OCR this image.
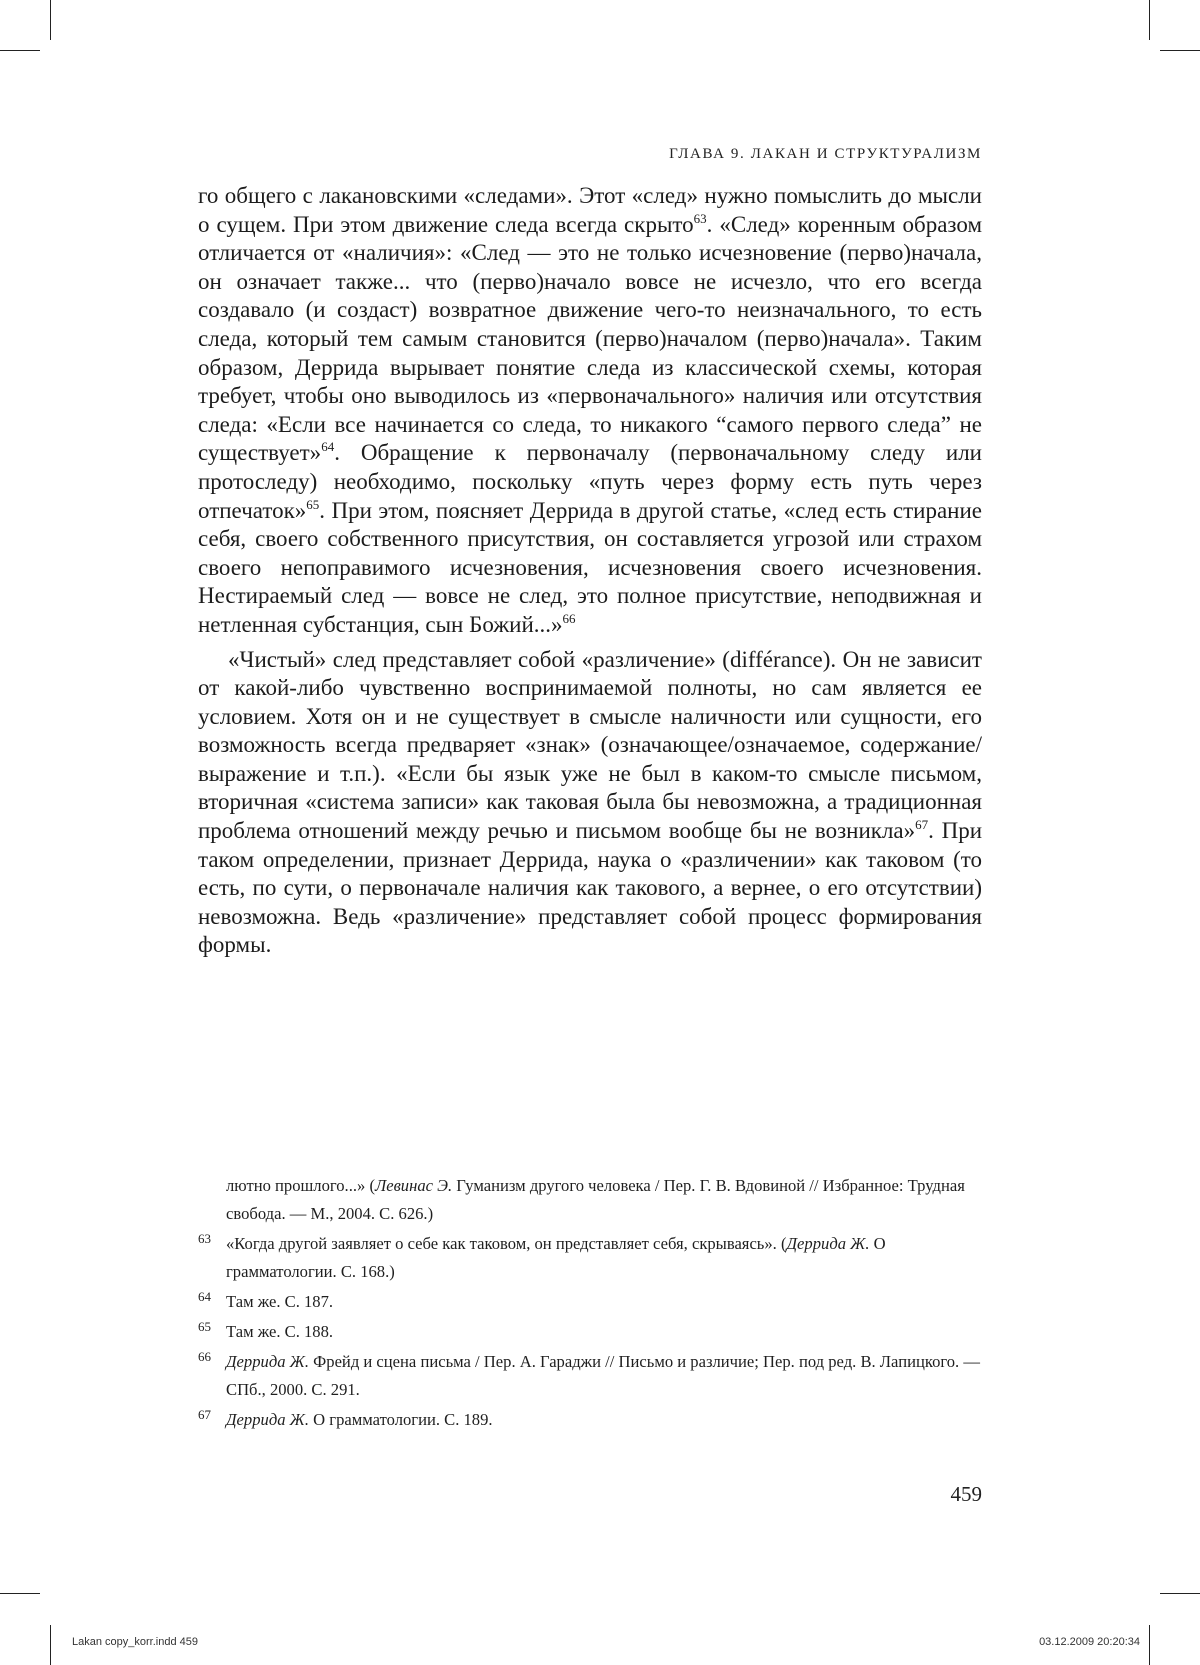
ГЛАВА 9. ЛАКАН И СТРУКТУРАЛИЗМ

го общего с лакановскими «следами». Этот «след» нужно помыслить до мысли о сущем. При этом движение следа всегда скрыто$^{63}$. «След» коренным образом отличается от «наличия»: «След — это не только исчезновение (перво)начала, он означает также... что (перво)начало вовсе не исчезло, что его всегда создавало (и создаст) возвратное движение чего-то неизначального, то есть следа, который тем самым становится (перво)началом (перво)начала». Таким образом, Деррида вырывает понятие следа из классической схемы, которая требует, чтобы оно выводилось из «первоначального» наличия или отсутствия следа: «Если все начинается со следа, то никакого “самого первого следа” не существует»$^{64}$. Обращение к первоначалу (первоначальному следу или протоследу) необходимо, поскольку «путь через форму есть путь через отпечаток»$^{65}$. При этом, поясняет Деррида в другой статье, «след есть стирание себя, своего собственного присутствия, он составляется угрозой или страхом своего непоправимого исчезновения, исчезновения своего исчезновения. Нестираемый след — вовсе не след, это полное присутствие, неподвижная и нетленная субстанция, сын Божий...»$^{66}$

«Чистый» след представляет собой «различение» (différance). Он не зависит от какой-либо чувственно воспринимаемой полноты, но сам является ее условием. Хотя он и не существует в смысле наличности или сущности, его возможность всегда предваряет «знак» (означающее/означаемое, содержание/выражение и т.п.). «Если бы язык уже не был в каком-то смысле письмом, вторичная «система записи» как таковая была бы невозможна, а традиционная проблема отношений между речью и письмом вообще бы не возникла»$^{67}$. При таком определении, признает Деррида, наука о «различении» как таковом (то есть, по сути, о первоначале наличия как такового, а вернее, о его отсутствии) невозможна. Ведь «различение» представляет собой процесс формирования формы.

лютно прошлого...» (Левинас Э. Гуманизм другого человека / Пер. Г. В. Вдовиной // Избранное: Трудная свобода. — М., 2004. С. 626.)
63 «Когда другой заявляет о себе как таковом, он представляет себя, скрываясь». (Деррида Ж. О грамматологии. С. 168.)
64 Там же. С. 187.
65 Там же. С. 188.
66 Деррида Ж. Фрейд и сцена письма / Пер. А. Гараджи // Письмо и различие; Пер. под ред. В. Лапицкого. — СПб., 2000. С. 291.
67 Деррида Ж. О грамматологии. С. 189.
459
Lakan copy_korr.indd 459	03.12.2009 20:20:34
